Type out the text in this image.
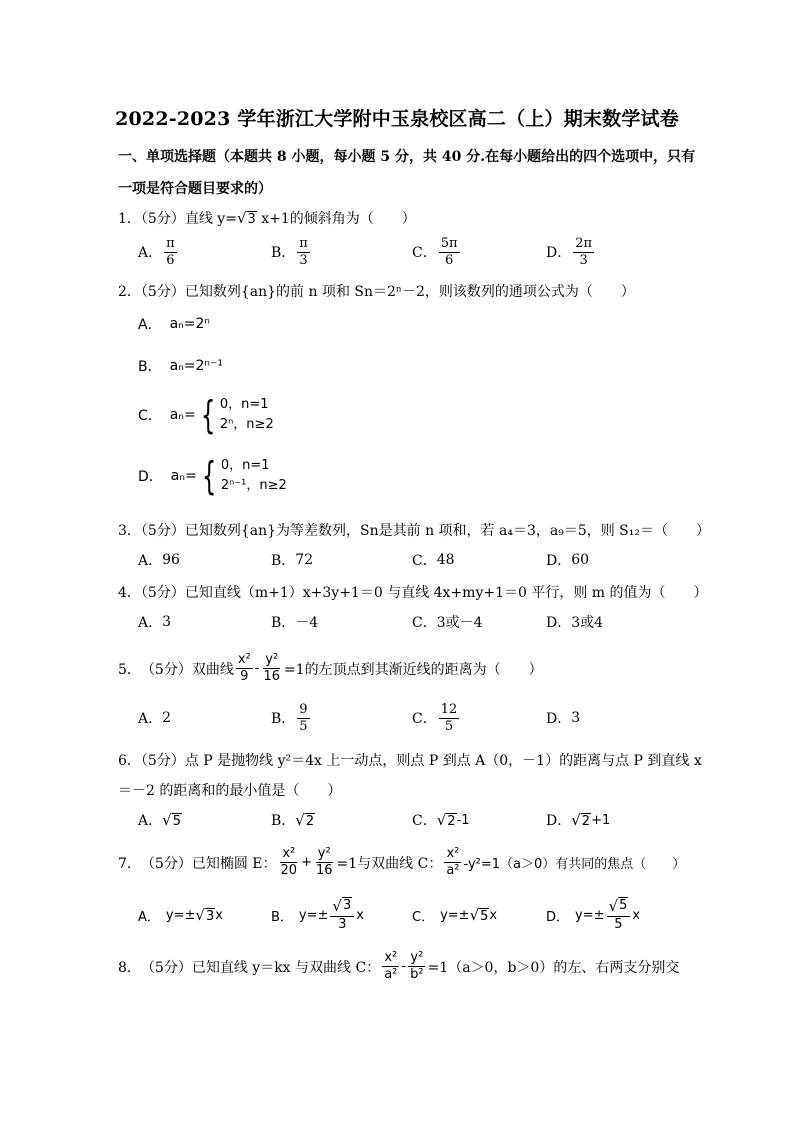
2022-2023 学年浙江大学附中玉泉校区高二（上）期末数学试卷
一、单项选择题（本题共 8 小题，每小题 5 分，共 40 分.在每小题给出的四个选项中，只有
一项是符合题目要求的）
1．（5分）直线 y= √ 3 x+1的倾斜角为（　　）
A． $\frac{\pi}{6}$	B． $\frac{\pi}{3}$	C． $\frac{5\pi}{6}$	D． $\frac{2\pi}{3}$
2．（5分）已知数列{an}的前 n 项和 Sn＝2ⁿ－2，则该数列的通项公式为（　　）
A． aₙ=2ⁿ
B． aₙ=2ⁿ⁻¹
C． aₙ= { 0，n=1
2ⁿ，n≥2
D． aₙ= { 0，n=1
2ⁿ⁻¹，n≥2
3．（5分）已知数列{an}为等差数列，Sn是其前 n 项和，若 a₄＝3，a₉＝5，则 S₁₂＝（　　）
A． 96	B． 72	C． 48	D． 60
4．（5分）已知直线（m+1）x+3y+1＝0 与直线 4x+my+1＝0 平行，则 m 的值为（　　）
A． 3	B． －4	C． 3或－4	D． 3或4
5． （5分） 双曲线 $\frac{\text{x²}}{9} - \frac{\text{y²}}{16} =1$的左顶点到其渐近线的距离为（　　）
A． 2	B． $\frac{9}{5}$	C． $\frac{12}{5}$	D． 3
6．（5分）点 P 是抛物线 y²＝4x 上一动点，则点 P 到点 A（0，－1）的距离与点 P 到直线 x
＝－2 的距离和的最小值是（　　）
A． √ 5	B． √ 2	C． √ 2 -1	D． √ 2 +1
7． （5分） 已知椭圆 E： $\frac{\text{x²}}{20} + \frac{\text{y²}}{16} =1$与双曲线 C： $\frac{\text{x²}}{\text{a²}} -y^2=1(a>0)$有共同的焦点（　　）
A． y=± √ 3 x	B． $y=\pm \frac{√ 3}{3}$ x	C． y=± √ 5 x	D． $y=\pm \frac{√ 5}{5}$ x
8． （5分） 已知直线 y＝kx 与双曲线 C： $\frac{\text{x²}}{\text{a²}} - \frac{\text{y²}}{\text{b²}} =1(a>0$，b＞0）的左、右两支分别交
